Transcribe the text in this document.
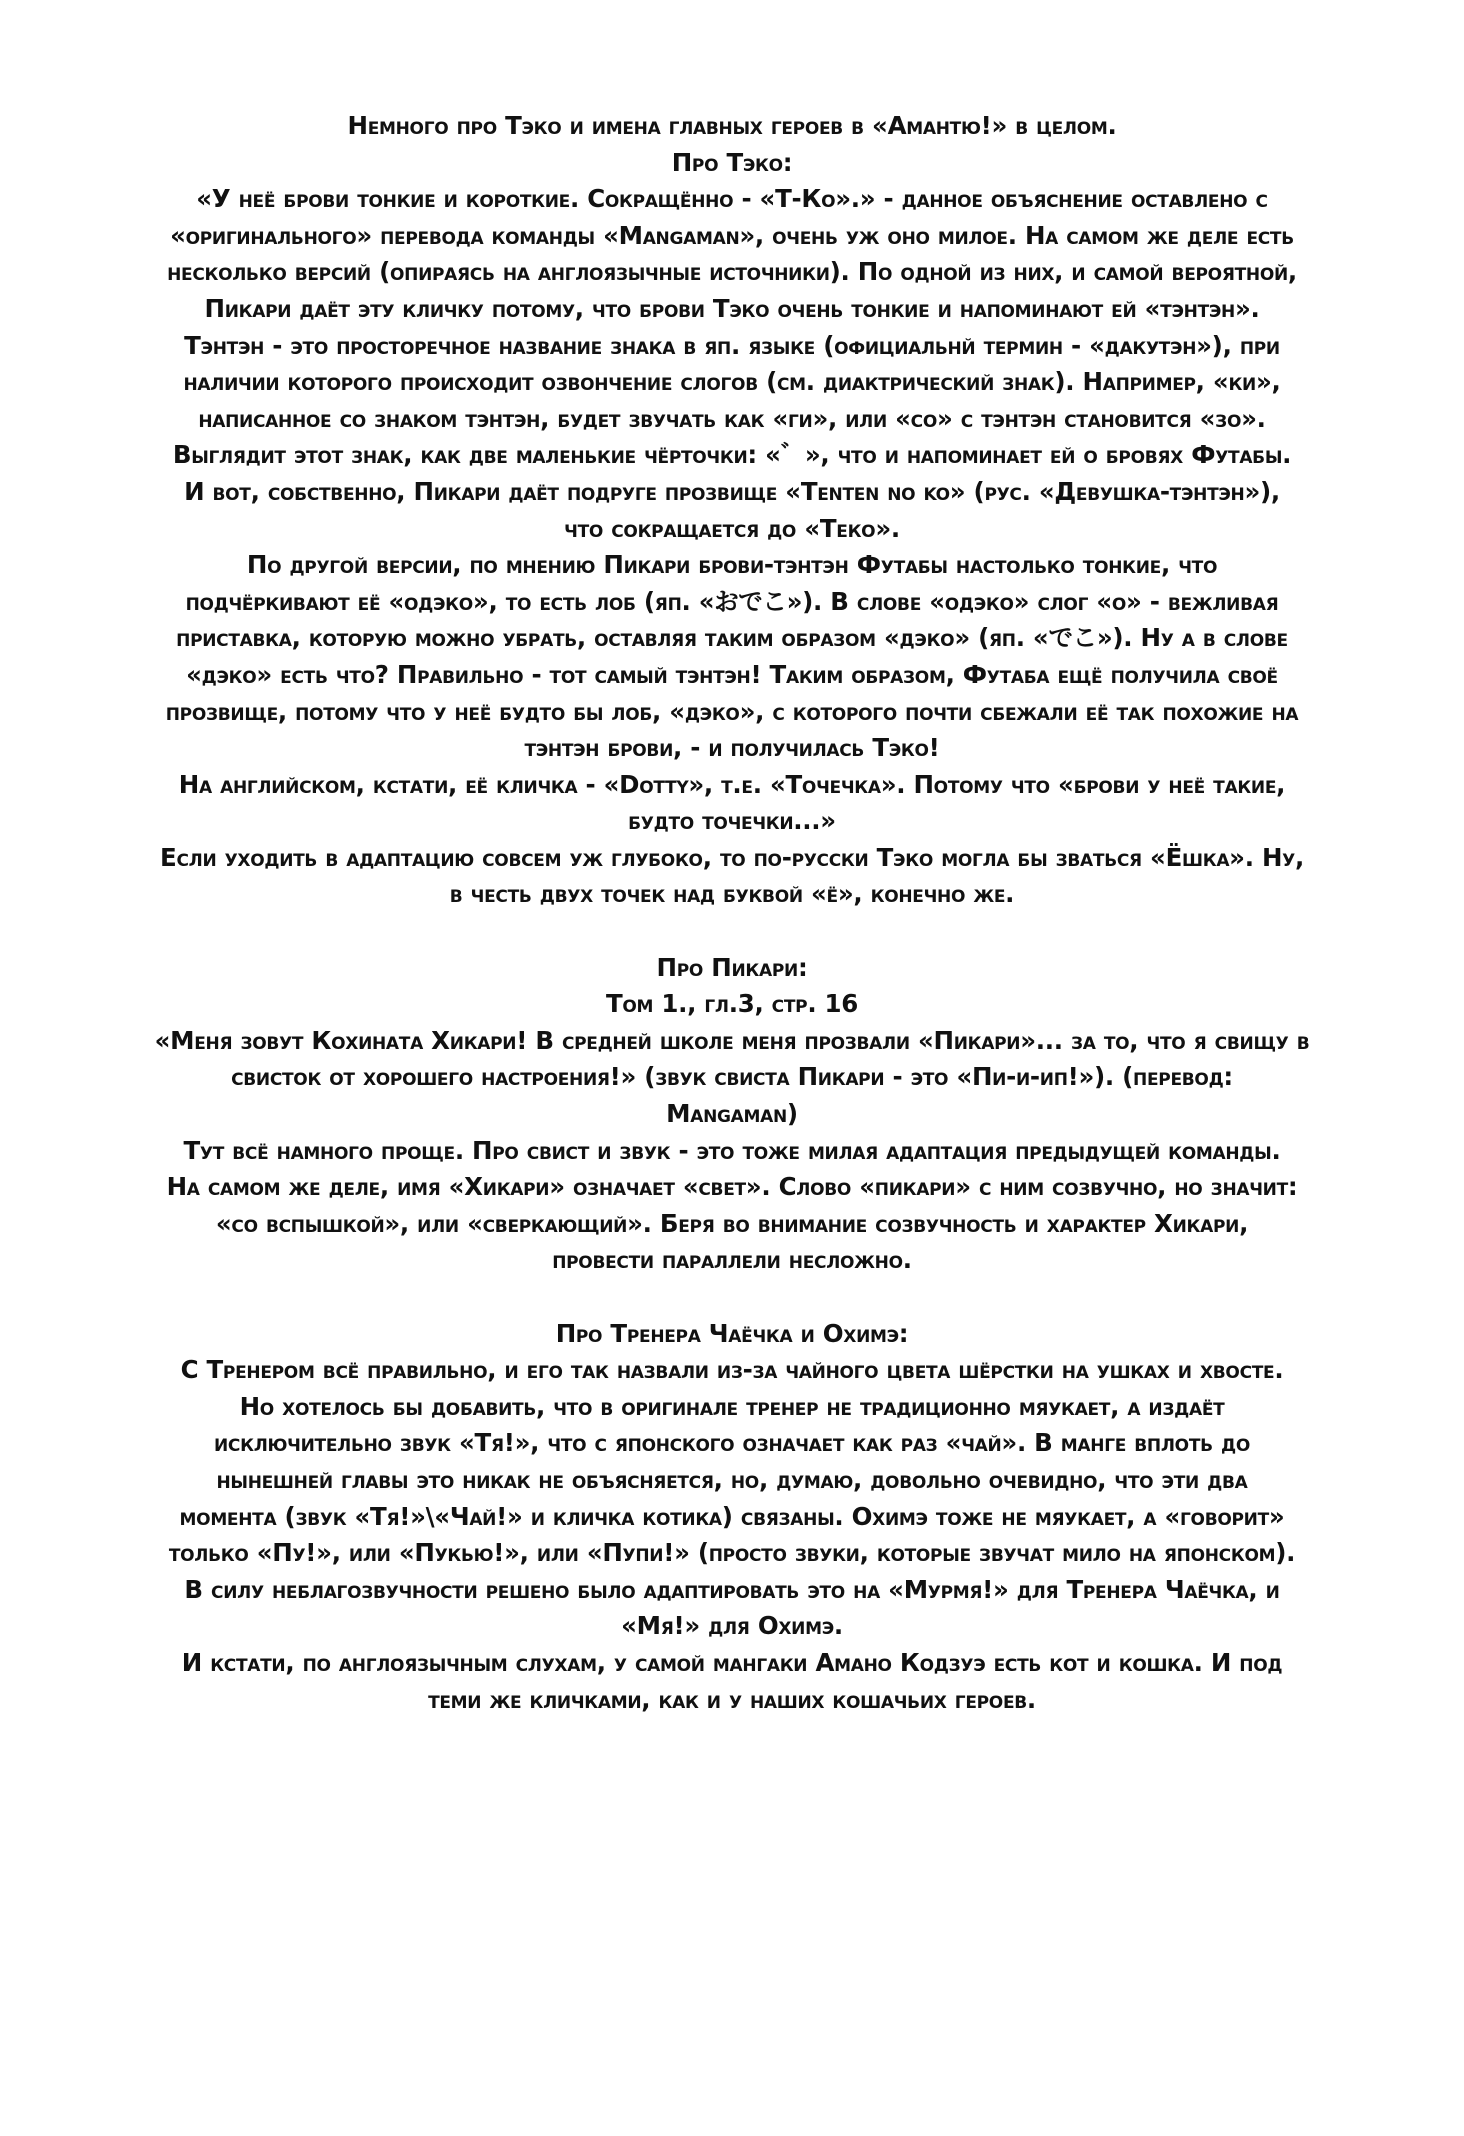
Немного про Тэко и имена главных героев в «Амантю!» в целом.
Про Тэко:
«У неё брови тонкие и короткие. Сокращённо - «Т-Ко».» - данное объяснение оставлено с
«оригинального» перевода команды «Mangaman», очень уж оно милое. На самом же деле есть
несколько версий (опираясь на англоязычные источники). По одной из них, и самой вероятной,
Пикари даёт эту кличку потому, что брови Тэко очень тонкие и напоминают ей «тэнтэн».
Тэнтэн - это просторечное название знака в яп. языке (официальнй термин - «дакутэн»), при
наличии которого происходит озвончение слогов (см. диактрический знак). Например, «ки»,
написанное со знаком тэнтэн, будет звучать как «ги», или «со» с тэнтэн становится «зо».
Выглядит этот знак, как две маленькие чёрточки: «゛», что и напоминает ей о бровях Футабы.
И вот, собственно, Пикари даёт подруге прозвище «Tenten no ko» (рус. «Девушка-тэнтэн»),
что сокращается до «Теко».
По другой версии, по мнению Пикари брови-тэнтэн Футабы настолько тонкие, что
подчёркивают её «одэко», то есть лоб (яп. «おでこ»). В слове «одэко» слог «о» - вежливая
приставка, которую можно убрать, оставляя таким образом «дэко» (яп. «でこ»). Ну а в слове
«дэко» есть что? Правильно - тот самый тэнтэн! Таким образом, Футаба ещё получила своё
прозвище, потому что у неё будто бы лоб, «дэко», с которого почти сбежали её так похожие на
тэнтэн брови, - и получилась Тэко!
На английском, кстати, её кличка - «Dotty», т.е. «Точечка». Потому что «брови у неё такие,
будто точечки...»
Если уходить в адаптацию совсем уж глубоко, то по-русски Тэко могла бы зваться «Ёшка». Ну,
в честь двух точек над буквой «ё», конечно же.
Про Пикари:
Том 1., гл.3, стр. 16
«Меня зовут Кохината Хикари! В средней школе меня прозвали «Пикари»... за то, что я свищу в
свисток от хорошего настроения!» (звук свиста Пикари - это «Пи-и-ип!»). (перевод:
Mangaman)
Тут всё намного проще. Про свист и звук - это тоже милая адаптация предыдущей команды.
На самом же деле, имя «Хикари» означает «свет». Слово «пикари» с ним созвучно, но значит:
«со вспышкой», или «сверкающий». Беря во внимание созвучность и характер Хикари,
провести параллели несложно.
Про Тренера Чаёчка и Охимэ:
С Тренером всё правильно, и его так назвали из-за чайного цвета шёрстки на ушках и хвосте.
Но хотелось бы добавить, что в оригинале тренер не традиционно мяукает, а издаёт
исключительно звук «Тя!», что с японского означает как раз «чай». В манге вплоть до
нынешней главы это никак не объясняется, но, думаю, довольно очевидно, что эти два
момента (звук «Тя!»\«Чай!» и кличка котика) связаны. Охимэ тоже не мяукает, а «говорит»
только «Пу!», или «Пукью!», или «Пупи!» (просто звуки, которые звучат мило на японском).
В силу неблагозвучности решено было адаптировать это на «Мурмя!» для Тренера Чаёчка, и
«Мя!» для Охимэ.
И кстати, по англоязычным слухам, у самой мангаки Амано Кодзуэ есть кот и кошка. И под
теми же кличками, как и у наших кошачьих героев.
